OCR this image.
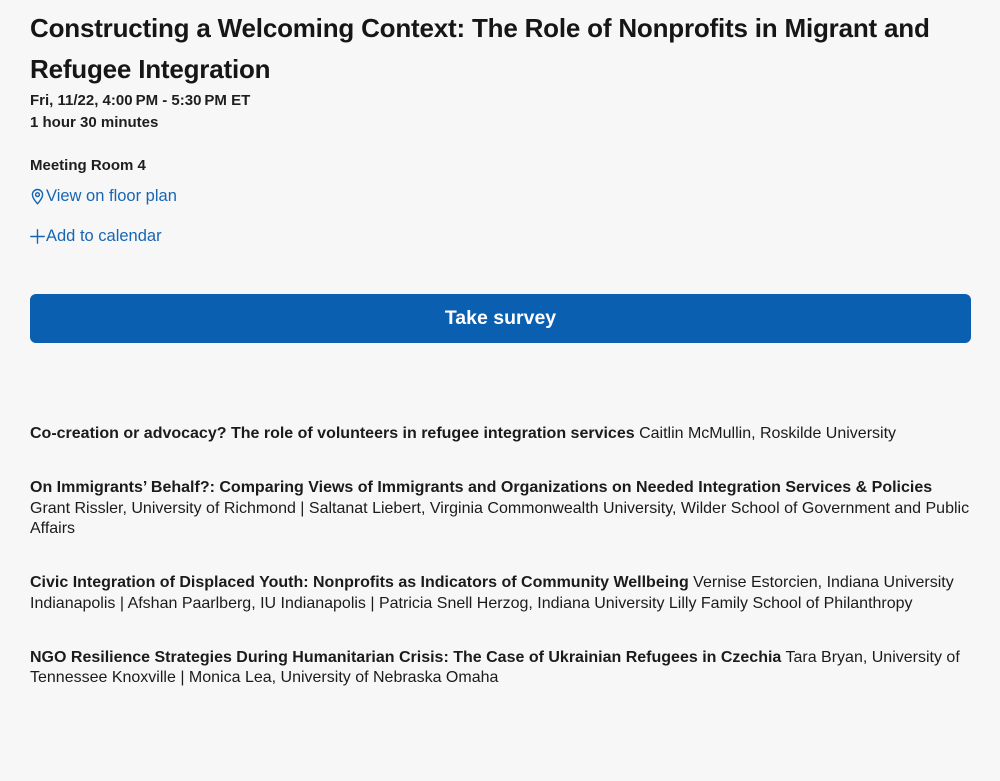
Constructing a Welcoming Context: The Role of Nonprofits in Migrant and Refugee Integration
Fri, 11/22, 4:00 PM - 5:30 PM ET
1 hour 30 minutes
Meeting Room 4
View on floor plan
Add to calendar
Take survey
Co-creation or advocacy? The role of volunteers in refugee integration services Caitlin McMullin, Roskilde University
On Immigrants’ Behalf?: Comparing Views of Immigrants and Organizations on Needed Integration Services & Policies Grant Rissler, University of Richmond | Saltanat Liebert, Virginia Commonwealth University, Wilder School of Government and Public Affairs
Civic Integration of Displaced Youth: Nonprofits as Indicators of Community Wellbeing Vernise Estorcien, Indiana University Indianapolis | Afshan Paarlberg, IU Indianapolis | Patricia Snell Herzog, Indiana University Lilly Family School of Philanthropy
NGO Resilience Strategies During Humanitarian Crisis: The Case of Ukrainian Refugees in Czechia Tara Bryan, University of Tennessee Knoxville | Monica Lea, University of Nebraska Omaha
